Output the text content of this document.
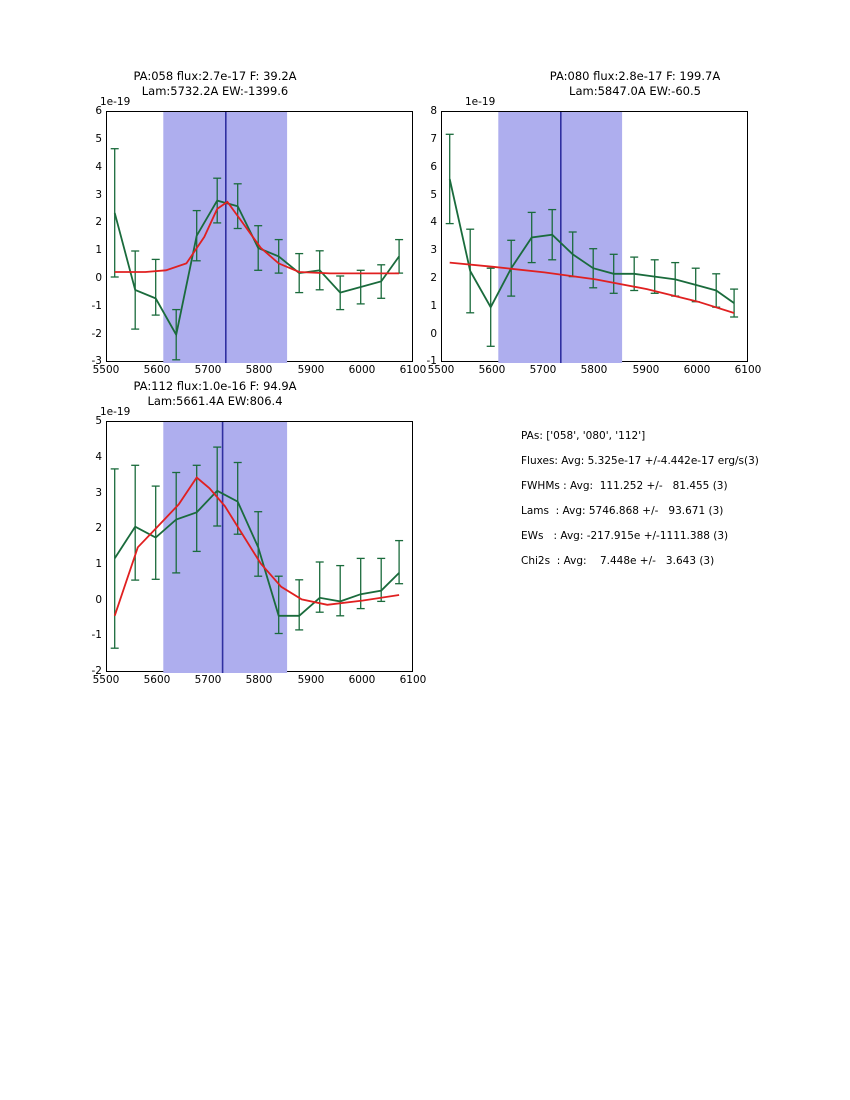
PA:058 flux:2.7e-17 F: 39.2A
Lam:5732.2A EW:-1399.6
1e-19
6
5
4
3
2
1
0
-1
-2
-3
5500	5600	5700	5800	5900	6000	6100
PA:080 flux:2.8e-17 F: 199.7A
Lam:5847.0A EW:-60.5
1e-19
8
7
6
5
4
3
2
1
0
-1
5500	5600	5700	5800	5900	6000	6100
PA:112 flux:1.0e-16 F: 94.9A
Lam:5661.4A EW:806.4
1e-19
5
4
3
2
1
0
-1
-2
5500	5600	5700	5800	5900	6000	6100
PAs: ['058', '080', '112']
Fluxes: Avg: 5.325e-17 +/-4.442e-17 erg/s(3)
FWHMs : Avg:  111.252 +/-   81.455 (3)
Lams  : Avg: 5746.868 +/-   93.671 (3)
EWs   : Avg: -217.915e +/-1111.388 (3)
Chi2s  : Avg:    7.448e +/-   3.643 (3)
